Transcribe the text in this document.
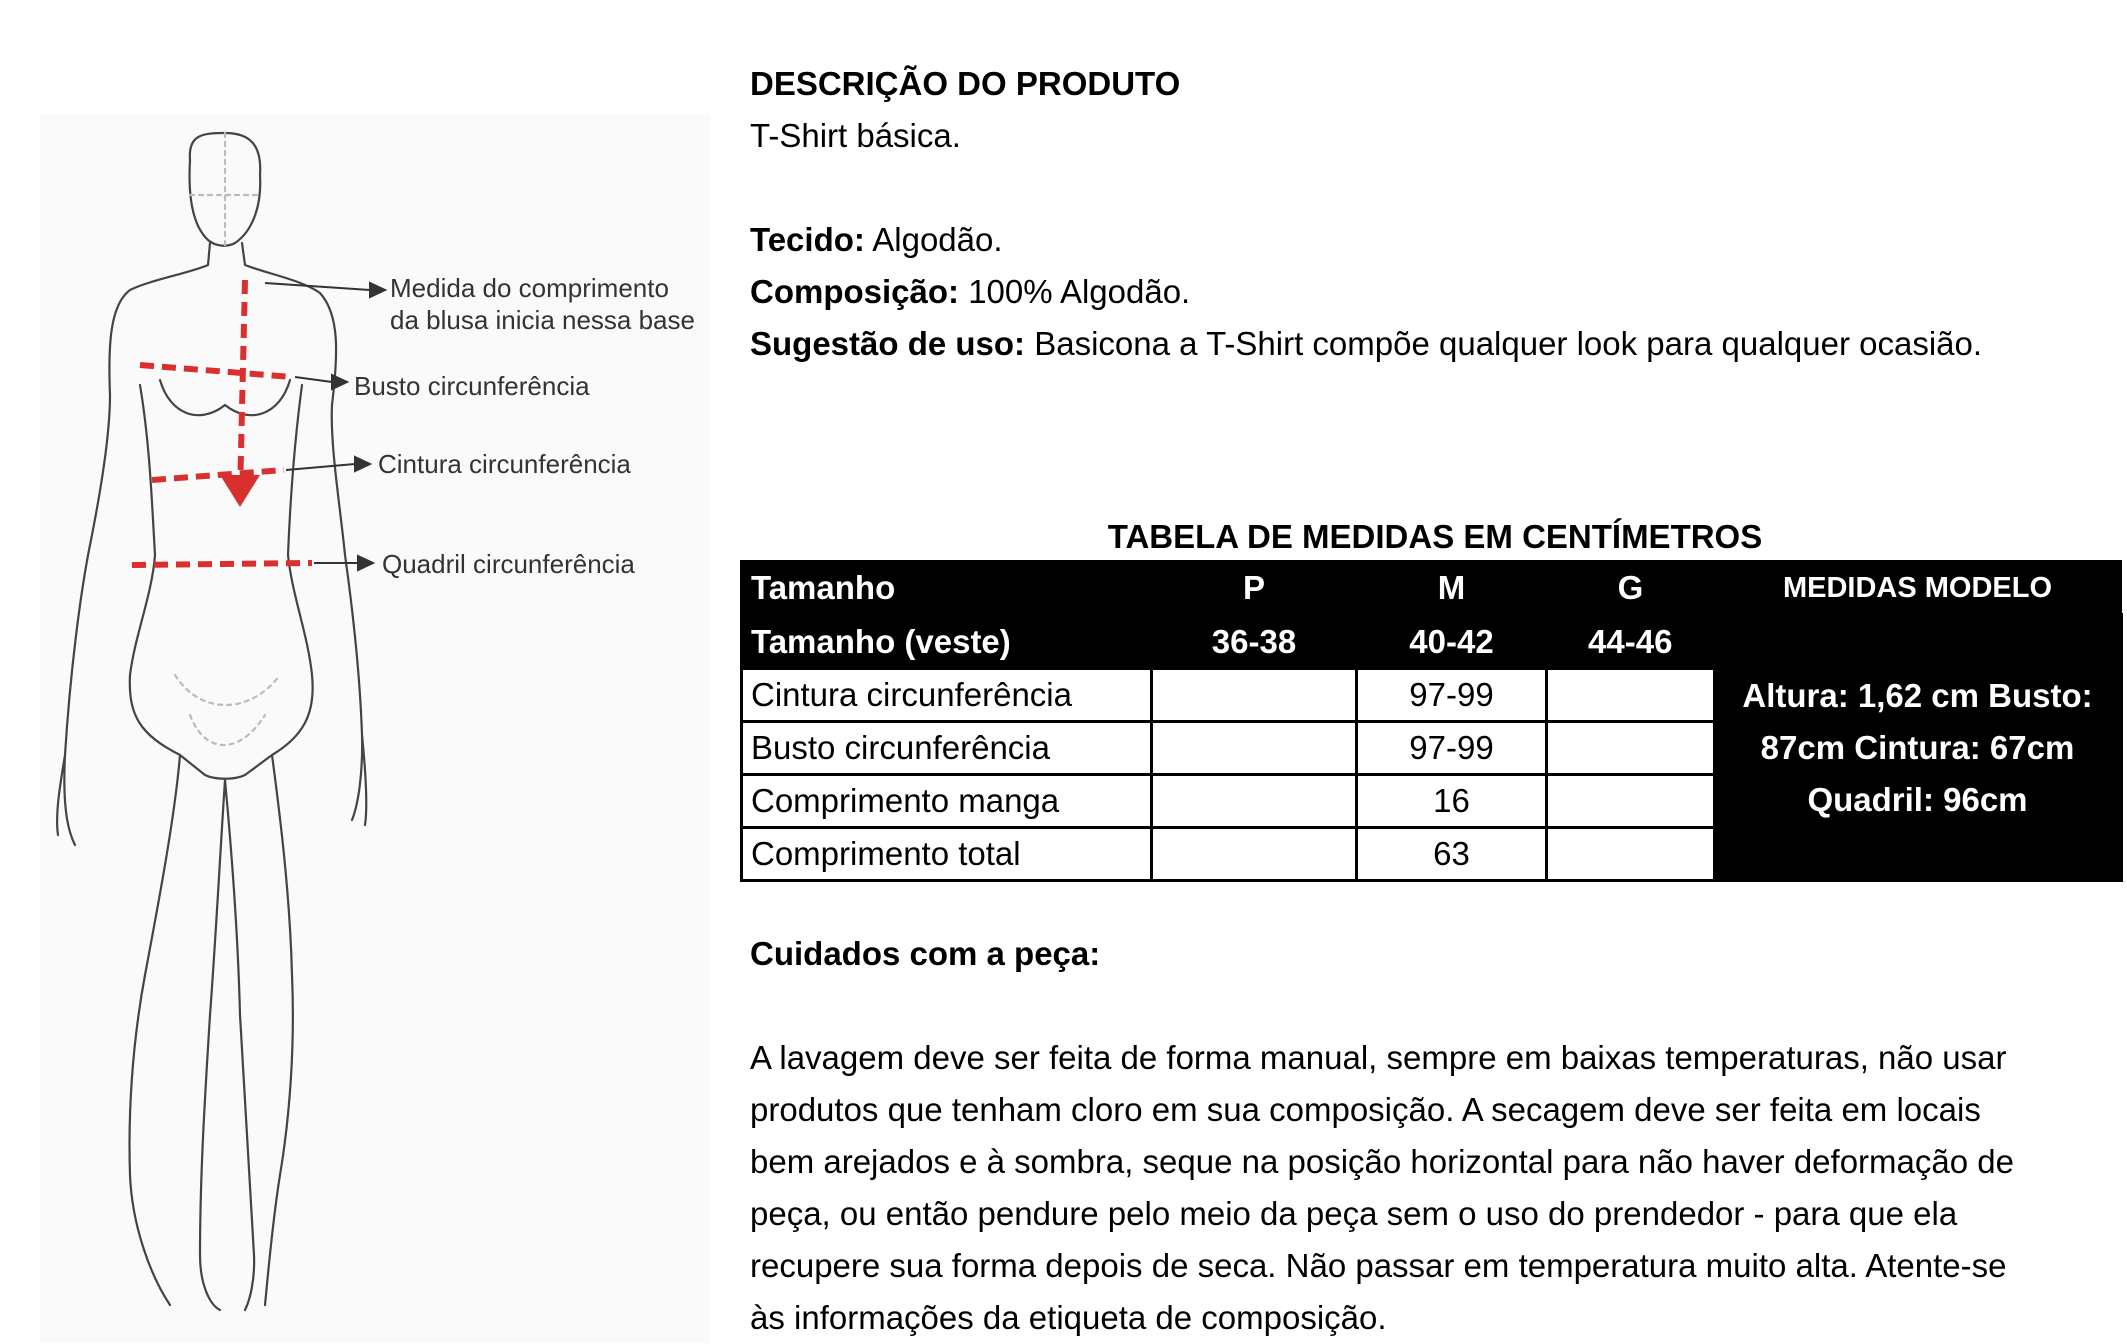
Medida do comprimento
da blusa inicia nessa base
Busto circunferência
Cintura circunferência
Quadril circunferência
DESCRIÇÃO DO PRODUTO
T-Shirt básica.
Tecido: Algodão.
Composição: 100% Algodão.
Sugestão de uso: Basicona a T-Shirt compõe qualquer look para qualquer ocasião.
TABELA DE MEDIDAS EM CENTÍMETROS
Tamanho	P	M	G	MEDIDAS MODELO
Tamanho (veste)	36-38	40-42	44-46	Altura: 1,62 cm Busto: 87cm Cintura: 67cm Quadril: 96cm
Cintura circunferência		97-99		
Busto circunferência		97-99		
Comprimento manga		16		
Comprimento total		63		
Cuidados com a peça:
A lavagem deve ser feita de forma manual, sempre em baixas temperaturas, não usar
produtos que tenham cloro em sua composição. A secagem deve ser feita em locais
bem arejados e à sombra, seque na posição horizontal para não haver deformação de
peça, ou então pendure pelo meio da peça sem o uso do prendedor - para que ela
recupere sua forma depois de seca. Não passar em temperatura muito alta. Atente-se
às informações da etiqueta de composição.
